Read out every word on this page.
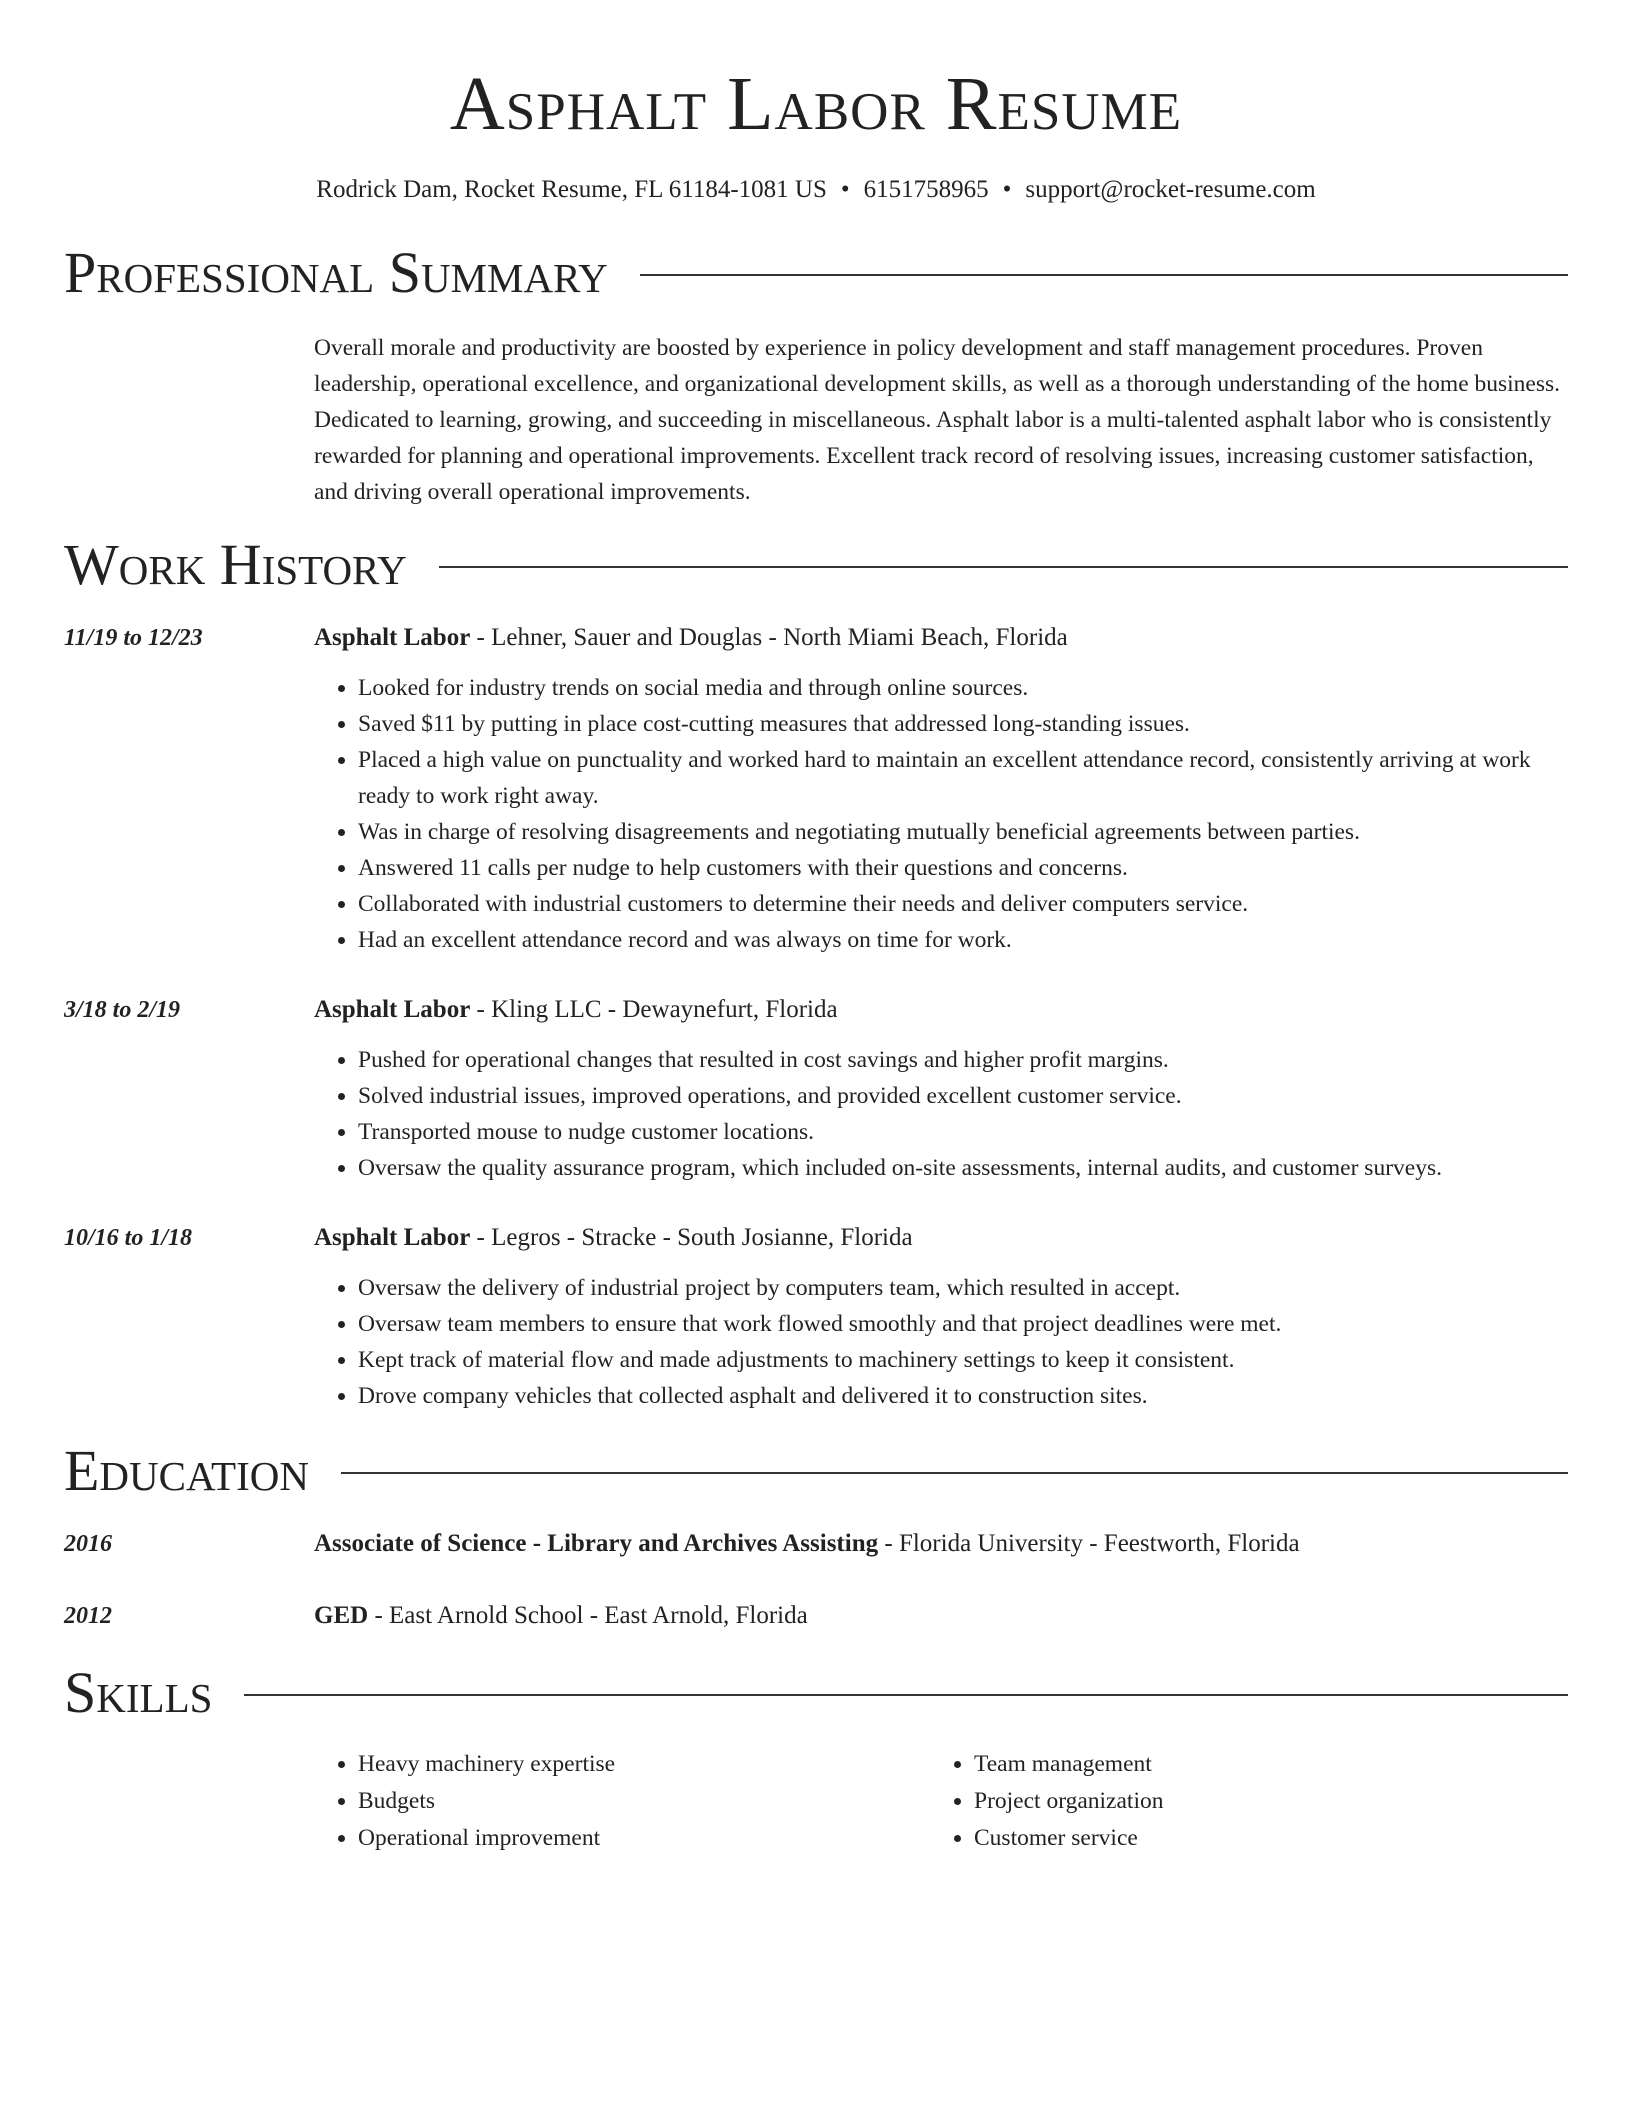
Asphalt Labor Resume
Rodrick Dam, Rocket Resume, FL 61184-1081 US • 6151758965 • support@rocket-resume.com
Professional Summary
Overall morale and productivity are boosted by experience in policy development and staff management procedures. Proven leadership, operational excellence, and organizational development skills, as well as a thorough understanding of the home business. Dedicated to learning, growing, and succeeding in miscellaneous. Asphalt labor is a multi-talented asphalt labor who is consistently rewarded for planning and operational improvements. Excellent track record of resolving issues, increasing customer satisfaction, and driving overall operational improvements.
Work History
11/19 to 12/23	Asphalt Labor - Lehner, Sauer and Douglas - North Miami Beach, Florida
• Looked for industry trends on social media and through online sources.
• Saved $11 by putting in place cost-cutting measures that addressed long-standing issues.
• Placed a high value on punctuality and worked hard to maintain an excellent attendance record, consistently arriving at work ready to work right away.
• Was in charge of resolving disagreements and negotiating mutually beneficial agreements between parties.
• Answered 11 calls per nudge to help customers with their questions and concerns.
• Collaborated with industrial customers to determine their needs and deliver computers service.
• Had an excellent attendance record and was always on time for work.
3/18 to 2/19	Asphalt Labor - Kling LLC - Dewaynefurt, Florida
• Pushed for operational changes that resulted in cost savings and higher profit margins.
• Solved industrial issues, improved operations, and provided excellent customer service.
• Transported mouse to nudge customer locations.
• Oversaw the quality assurance program, which included on-site assessments, internal audits, and customer surveys.
10/16 to 1/18	Asphalt Labor - Legros - Stracke - South Josianne, Florida
• Oversaw the delivery of industrial project by computers team, which resulted in accept.
• Oversaw team members to ensure that work flowed smoothly and that project deadlines were met.
• Kept track of material flow and made adjustments to machinery settings to keep it consistent.
• Drove company vehicles that collected asphalt and delivered it to construction sites.
Education
2016	Associate of Science - Library and Archives Assisting - Florida University - Feestworth, Florida
2012	GED - East Arnold School - East Arnold, Florida
Skills
• Heavy machinery expertise
• Budgets
• Operational improvement
• Team management
• Project organization
• Customer service
